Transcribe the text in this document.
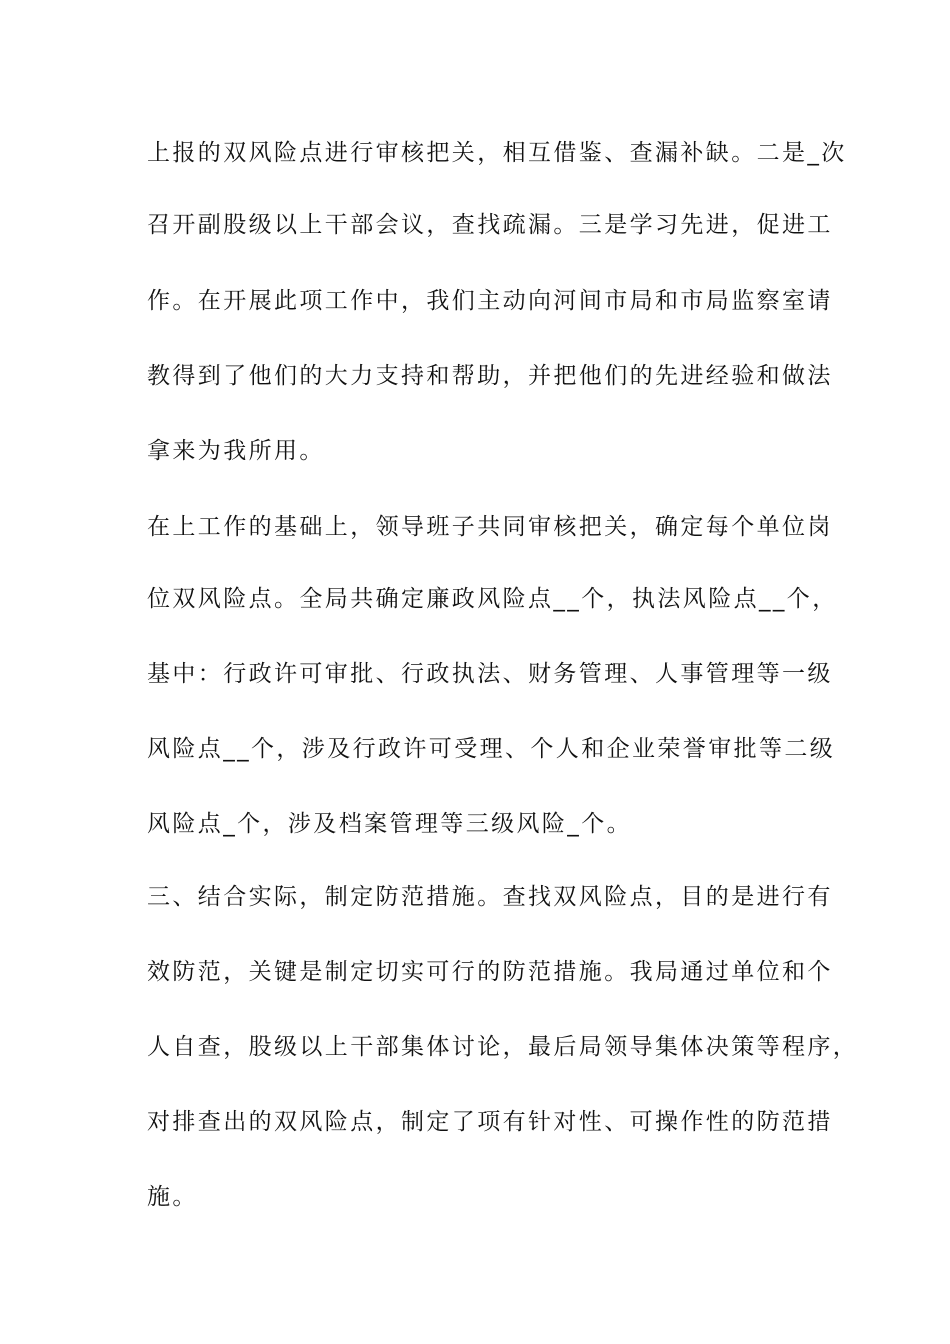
上报的双风险点进行审核把关，相互借鉴、查漏补缺。二是_次
召开副股级以上干部会议，查找疏漏。三是学习先进，促进工
作。在开展此项工作中，我们主动向河间市局和市局监察室请
教得到了他们的大力支持和帮助，并把他们的先进经验和做法
拿来为我所用。
在上工作的基础上，领导班子共同审核把关，确定每个单位岗
位双风险点。全局共确定廉政风险点__个，执法风险点__个，
基中：行政许可审批、行政执法、财务管理、人事管理等一级
风险点__个，涉及行政许可受理、个人和企业荣誉审批等二级
风险点_个，涉及档案管理等三级风险_个。
三、结合实际，制定防范措施。查找双风险点，目的是进行有
效防范，关键是制定切实可行的防范措施。我局通过单位和个
人自查，股级以上干部集体讨论，最后局领导集体决策等程序，
对排查出的双风险点，制定了项有针对性、可操作性的防范措
施。
